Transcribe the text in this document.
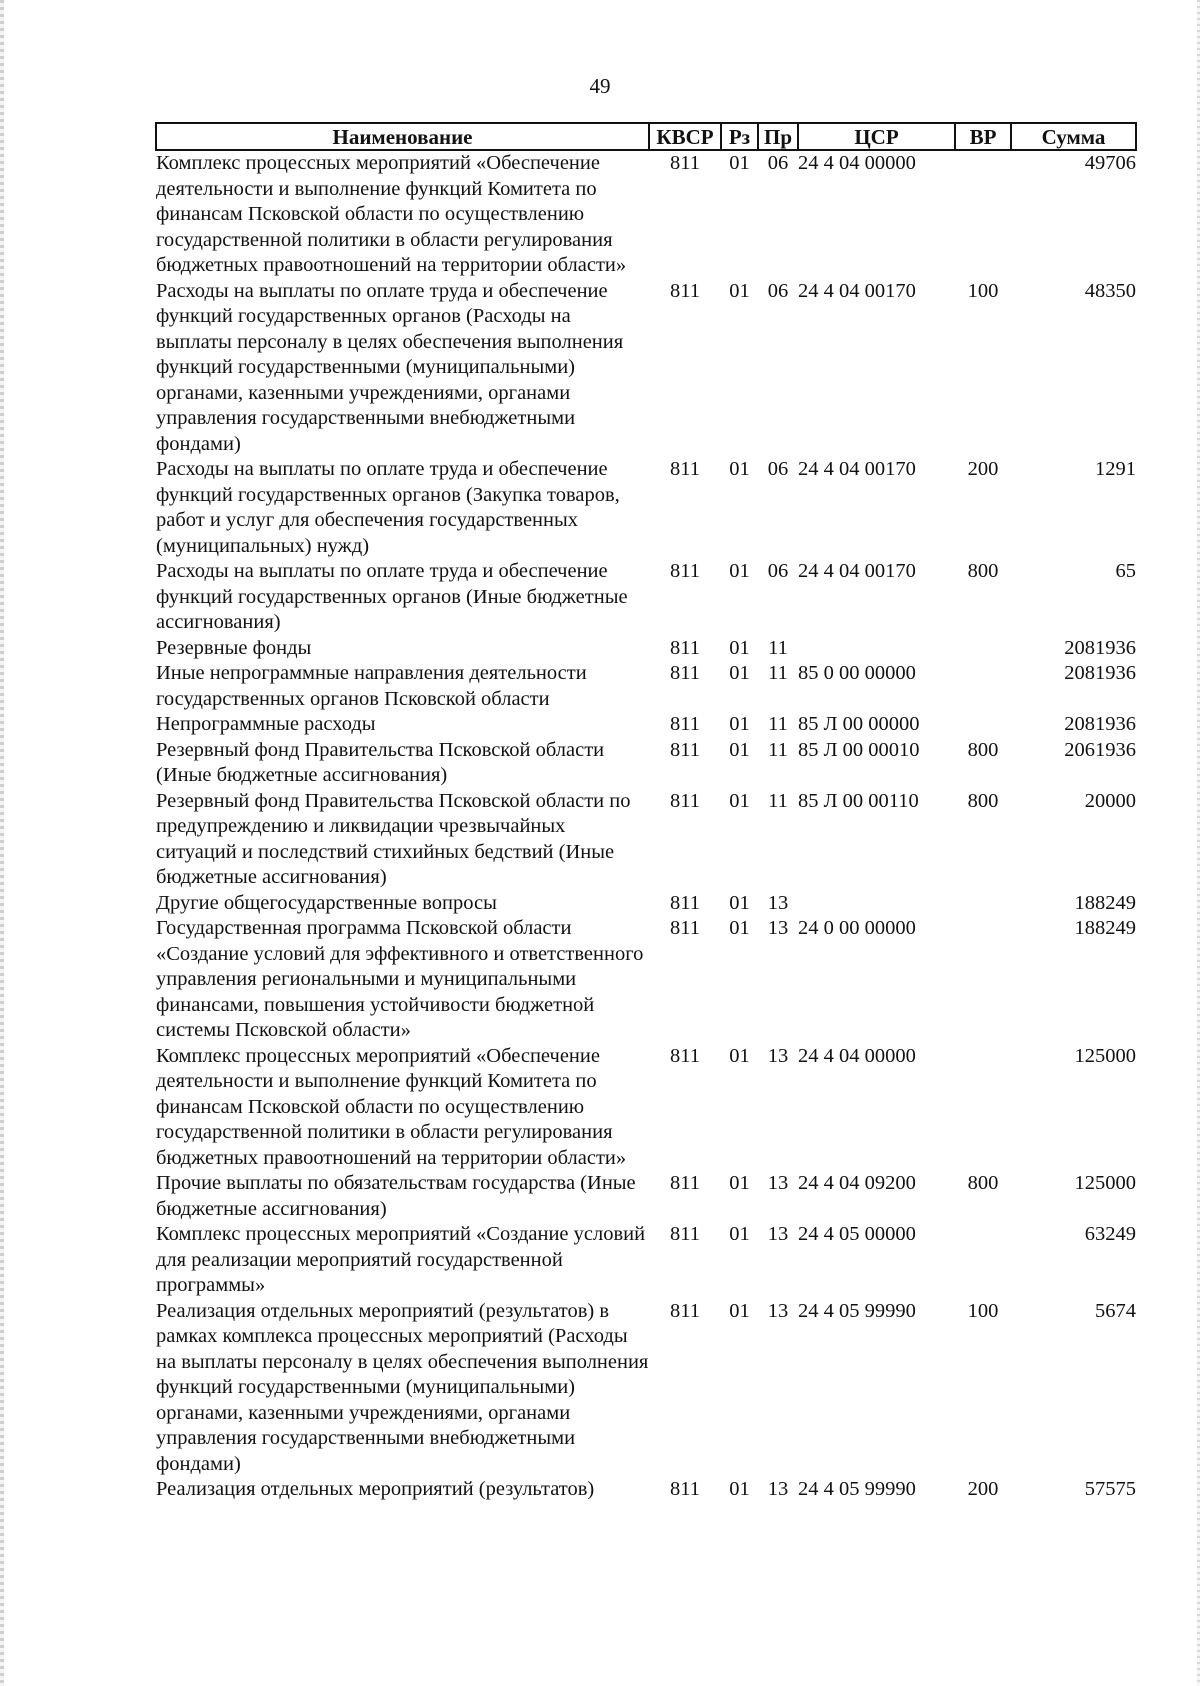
49
Наименование	КВСР	Рз	Пр	ЦСР	ВР	Сумма
Комплекс процессных мероприятий «Обеспечение деятельности и выполнение функций Комитета по финансам Псковской области по осуществлению государственной политики в области регулирования бюджетных правоотношений на территории области»	811	01	06	24 4 04 00000		49706
Расходы на выплаты по оплате труда и обеспечение функций государственных органов (Расходы на выплаты персоналу в целях обеспечения выполнения функций государственными (муниципальными) органами, казенными учреждениями, органами управления государственными внебюджетными фондами)	811	01	06	24 4 04 00170	100	48350
Расходы на выплаты по оплате труда и обеспечение функций государственных органов (Закупка товаров, работ и услуг для обеспечения государственных (муниципальных) нужд)	811	01	06	24 4 04 00170	200	1291
Расходы на выплаты по оплате труда и обеспечение функций государственных органов (Иные бюджетные ассигнования)	811	01	06	24 4 04 00170	800	65
Резервные фонды	811	01	11			2081936
Иные непрограммные направления деятельности государственных органов Псковской области	811	01	11	85 0 00 00000		2081936
Непрограммные расходы	811	01	11	85 Л 00 00000		2081936
Резервный фонд Правительства Псковской области (Иные бюджетные ассигнования)	811	01	11	85 Л 00 00010	800	2061936
Резервный фонд Правительства Псковской области по предупреждению и ликвидации чрезвычайных ситуаций и последствий стихийных бедствий (Иные бюджетные ассигнования)	811	01	11	85 Л 00 00110	800	20000
Другие общегосударственные вопросы	811	01	13			188249
Государственная программа Псковской области «Создание условий для эффективного и ответственного управления региональными и муниципальными финансами, повышения устойчивости бюджетной системы Псковской области»	811	01	13	24 0 00 00000		188249
Комплекс процессных мероприятий «Обеспечение деятельности и выполнение функций Комитета по финансам Псковской области по осуществлению государственной политики в области регулирования бюджетных правоотношений на территории области»	811	01	13	24 4 04 00000		125000
Прочие выплаты по обязательствам государства (Иные бюджетные ассигнования)	811	01	13	24 4 04 09200	800	125000
Комплекс процессных мероприятий «Создание условий для реализации мероприятий государственной программы»	811	01	13	24 4 05 00000		63249
Реализация отдельных мероприятий (результатов) в рамках комплекса процессных мероприятий (Расходы на выплаты персоналу в целях обеспечения выполнения функций государственными (муниципальными) органами, казенными учреждениями, органами управления государственными внебюджетными фондами)	811	01	13	24 4 05 99990	100	5674
Реализация отдельных мероприятий (результатов)	811	01	13	24 4 05 99990	200	57575
